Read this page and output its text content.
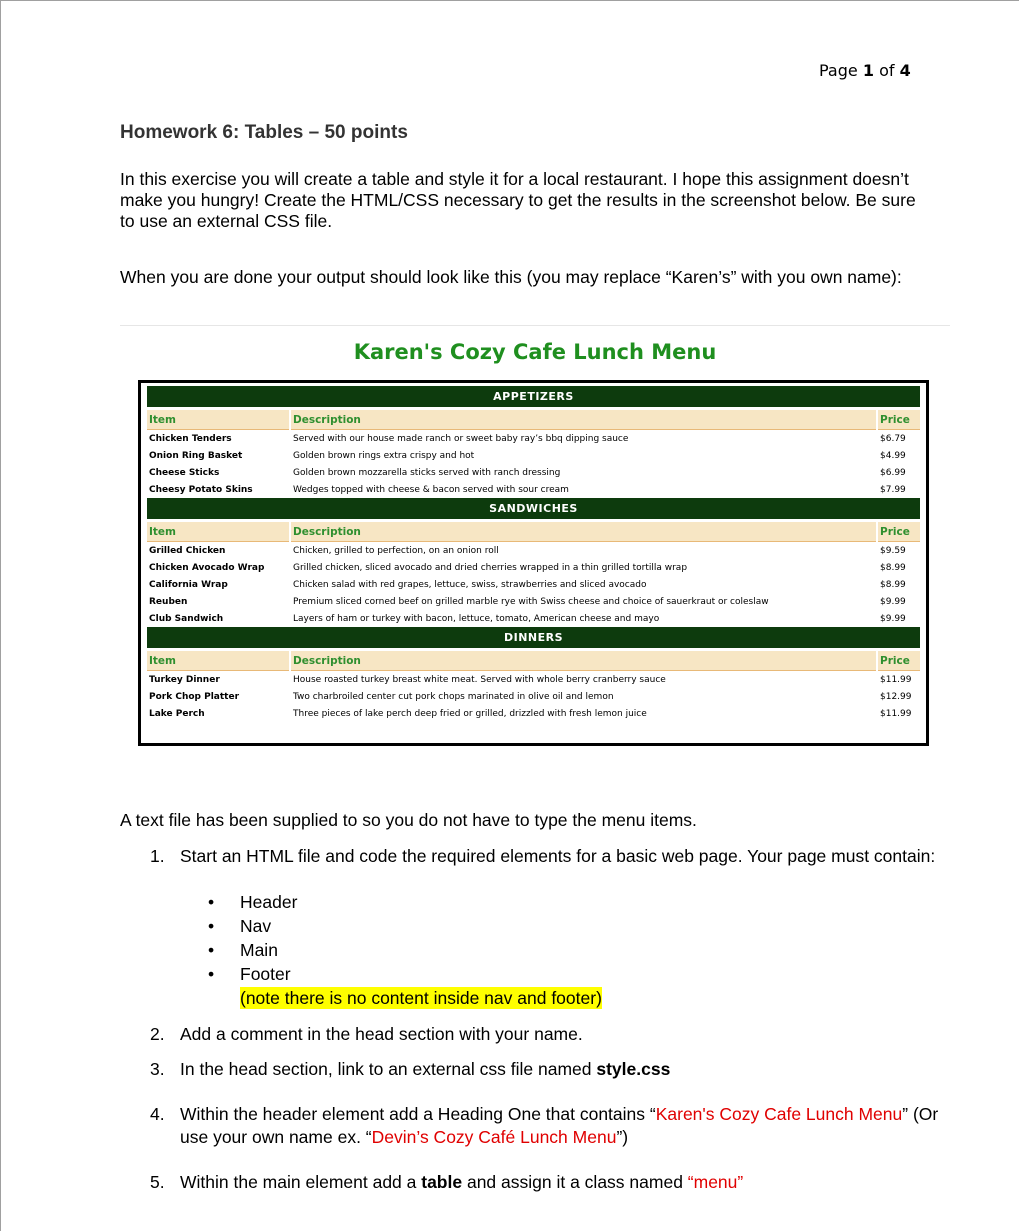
Page 1 of 4
Homework 6: Tables – 50 points
In this exercise you will create a table and style it for a local restaurant. I hope this assignment doesn’t make you hungry! Create the HTML/CSS necessary to get the results in the screenshot below. Be sure to use an external CSS file.
When you are done your output should look like this (you may replace “Karen’s” with you own name):
Karen's Cozy Cafe Lunch Menu
APPETIZERS		

Item	Description	Price
Chicken Tenders	Served with our house made ranch or sweet baby ray’s bbq dipping sauce	$6.79
Onion Ring Basket	Golden brown rings extra crispy and hot	$4.99
Cheese Sticks	Golden brown mozzarella sticks served with ranch dressing	$6.99
Cheesy Potato Skins	Wedges topped with cheese & bacon served with sour cream	$7.99
SANDWICHES		

Item	Description	Price
Grilled Chicken	Chicken, grilled to perfection, on an onion roll	$9.59
Chicken Avocado Wrap	Grilled chicken, sliced avocado and dried cherries wrapped in a thin grilled tortilla wrap	$8.99
California Wrap	Chicken salad with red grapes, lettuce, swiss, strawberries and sliced avocado	$8.99
Reuben	Premium sliced corned beef on grilled marble rye with Swiss cheese and choice of sauerkraut or coleslaw	$9.99
Club Sandwich	Layers of ham or turkey with bacon, lettuce, tomato, American cheese and mayo	$9.99
DINNERS		

Item	Description	Price
Turkey Dinner	House roasted turkey breast white meat. Served with whole berry cranberry sauce	$11.99
Pork Chop Platter	Two charbroiled center cut pork chops marinated in olive oil and lemon	$12.99
Lake Perch	Three pieces of lake perch deep fried or grilled, drizzled with fresh lemon juice	$11.99
A text file has been supplied to so you do not have to type the menu items.
1. Start an HTML file and code the required elements for a basic web page. Your page must contain:
• Header
• Nav
• Main
• Footer
(note there is no content inside nav and footer)
2. Add a comment in the head section with your name.
3. In the head section, link to an external css file named style.css
4. Within the header element add a Heading One that contains “Karen's Cozy Cafe Lunch Menu” (Or use your own name ex. “Devin’s Cozy Café Lunch Menu”)
5. Within the main element add a table and assign it a class named “menu”
